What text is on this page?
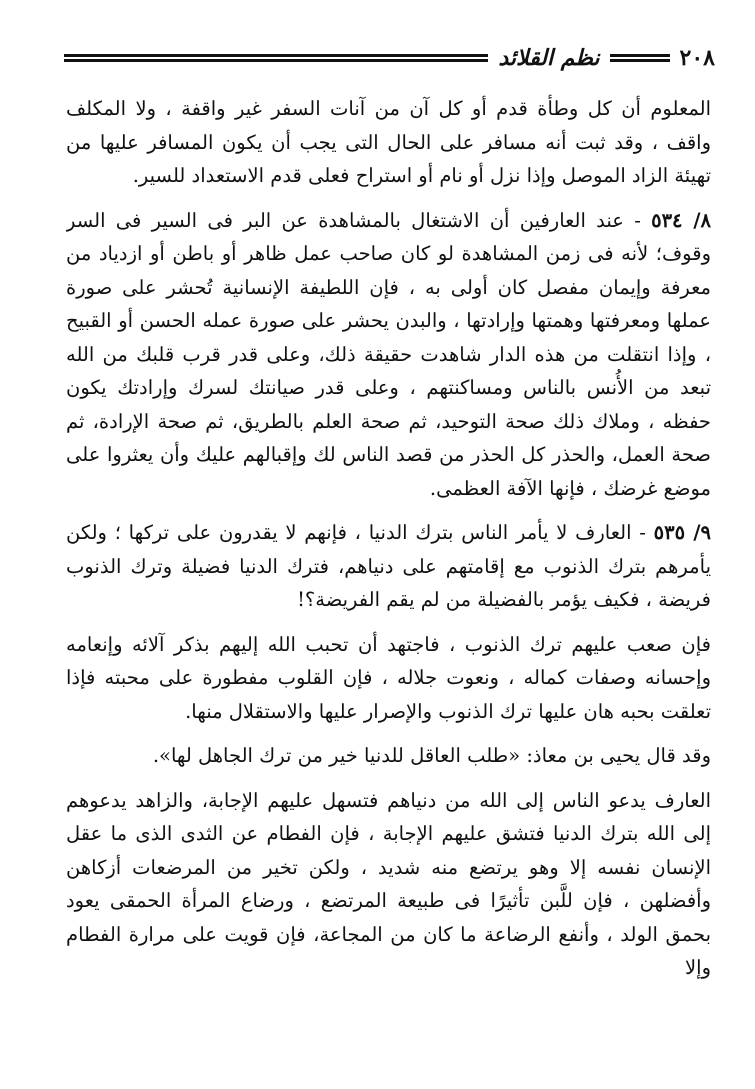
٢٠٨
نظم القلائد

المعلوم أن كل وطأة قدم أو كل آن من آنات السفر غير واقفة ، ولا المكلف واقف ، وقد ثبت أنه مسافر على الحال التى يجب أن يكون المسافر عليها من تهيئة الزاد الموصل وإذا نزل أو نام أو استراح فعلى قدم الاستعداد للسير.

٨/ ٥٣٤ - عند العارفين أن الاشتغال بالمشاهدة عن البر فى السير فى السر وقوف؛ لأنه فى زمن المشاهدة لو كان صاحب عمل ظاهر أو باطن أو ازدياد من معرفة وإيمان مفصل كان أولى به ، فإن اللطيفة الإنسانية تُحشر على صورة عملها ومعرفتها وهمتها وإرادتها ، والبدن يحشر على صورة عمله الحسن أو القبيح ، وإذا انتقلت من هذه الدار شاهدت حقيقة ذلك، وعلى قدر قرب قلبك من الله تبعد من الأُنس بالناس ومساكنتهم ، وعلى قدر صيانتك لسرك وإرادتك يكون حفظه ، وملاك ذلك صحة التوحيد، ثم صحة العلم بالطريق، ثم صحة الإرادة، ثم صحة العمل، والحذر كل الحذر من قصد الناس لك وإقبالهم عليك وأن يعثروا على موضع غرضك ، فإنها الآفة العظمى.

٩/ ٥٣٥ - العارف لا يأمر الناس بترك الدنيا ، فإنهم لا يقدرون على تركها ؛ ولكن يأمرهم بترك الذنوب مع إقامتهم على دنياهم، فترك الدنيا فضيلة وترك الذنوب فريضة ، فكيف يؤمر بالفضيلة من لم يقم الفريضة؟!

فإن صعب عليهم ترك الذنوب ، فاجتهد أن تحبب الله إليهم بذكر آلائه وإنعامه وإحسانه وصفات كماله ، ونعوت جلاله ، فإن القلوب مفطورة على محبته فإذا تعلقت بحبه هان عليها ترك الذنوب والإصرار عليها والاستقلال منها.

وقد قال يحيى بن معاذ: «طلب العاقل للدنيا خير من ترك الجاهل لها».

العارف يدعو الناس إلى الله من دنياهم فتسهل عليهم الإجابة، والزاهد يدعوهم إلى الله بترك الدنيا فتشق عليهم الإجابة ، فإن الفطام عن الثدى الذى ما عقل الإنسان نفسه إلا وهو يرتضع منه شديد ، ولكن تخير من المرضعات أزكاهن وأفضلهن ، فإن للَّبن تأثيرًا فى طبيعة المرتضع ، ورضاع المرأة الحمقى يعود بحمق الولد ، وأنفع الرضاعة ما كان من المجاعة، فإن قويت على مرارة الفطام وإلا
